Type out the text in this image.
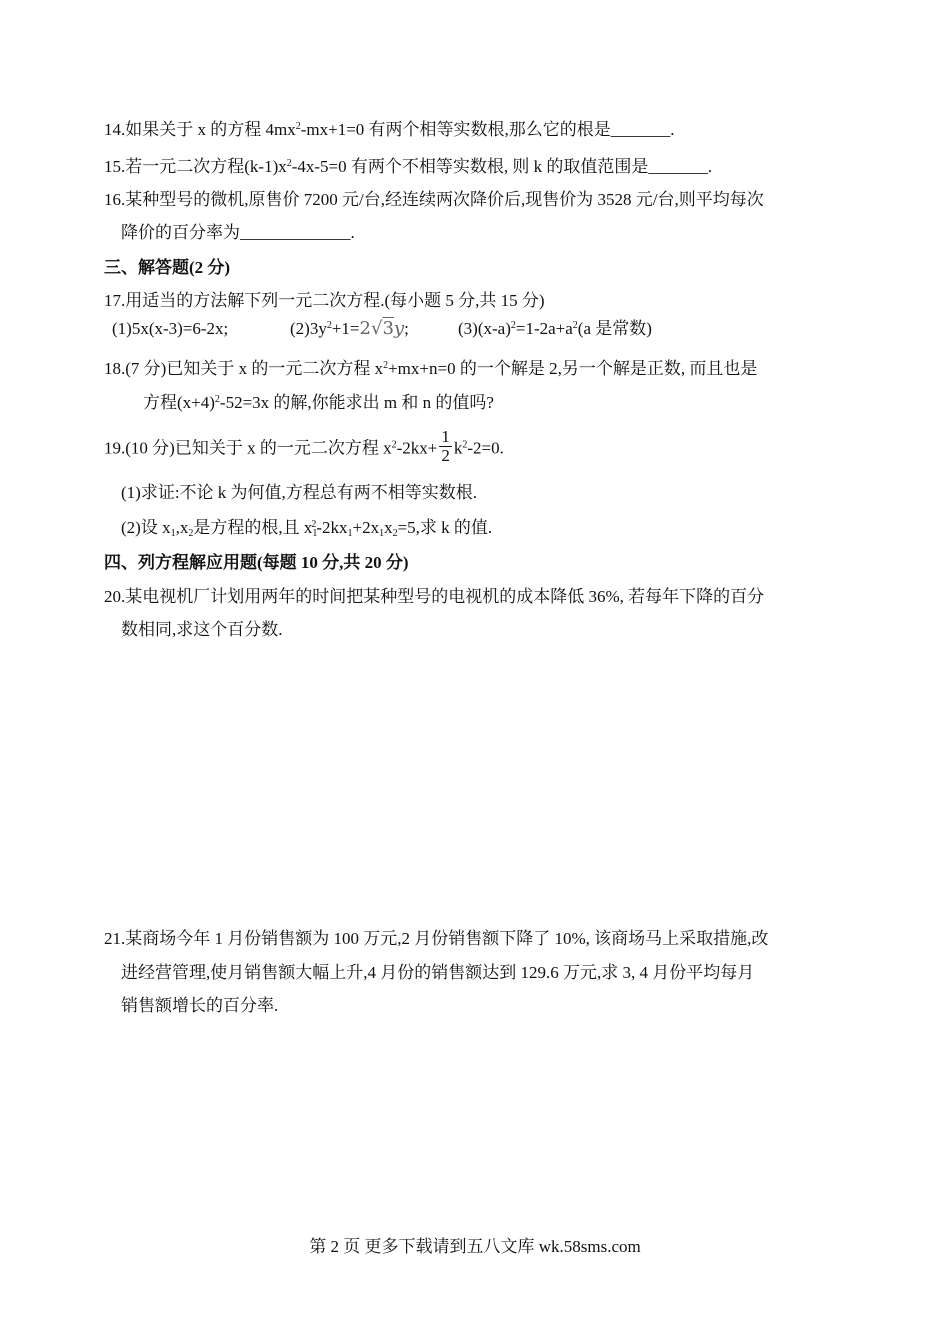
14.如果关于 x 的方程 $4mx^2-mx+1=0$ 有两个相等实数根,那么它的根是_______.
15.若一元二次方程$(k-1)x^2-4x-5=0$ 有两个不相等实数根, 则 k 的取值范围是_______.
16.某种型号的微机,原售价 7200 元/台,经连续两次降价后,现售价为 3528 元/台,则平均每次
降价的百分率为_____________.
三、解答题(2 分)
17.用适当的方法解下列一元二次方程.(每小题 5 分,共 15 分)
(1)5x(x-3)=6-2x;	$(2)3y^2+1=2√3y$;	$(3)(x-a)^2=1-2a+a^2(a$ 是常数)
18.(7 分)已知关于 x 的一元二次方程 $x^2+mx+n=0$ 的一个解是 2,另一个解是正数, 而且也是
方程$(x+4)^2-52=3x$ 的解,你能求出 m 和 n 的值吗?
19.(10 分)已知关于 x 的一元二次方程 $x^2-2kx+ \frac{1}{2} k^2-2=0$.
(1)求证:不论 k 为何值,方程总有两不相等实数根.
(2)设 $x_1,x_2$是方程的根,且 $x_1^2-2kx_1+2x_1x_2=5$,求 k 的值.
四、列方程解应用题(每题 10 分,共 20 分)
20.某电视机厂计划用两年的时间把某种型号的电视机的成本降低 36%, 若每年下降的百分
数相同,求这个百分数.
21.某商场今年 1 月份销售额为 100 万元,2 月份销售额下降了 10%, 该商场马上采取措施,改
进经营管理,使月销售额大幅上升,4 月份的销售额达到 129.6 万元,求 3, 4 月份平均每月
销售额增长的百分率.
第 2 页 更多下载请到五八文库 wk.58sms.com
